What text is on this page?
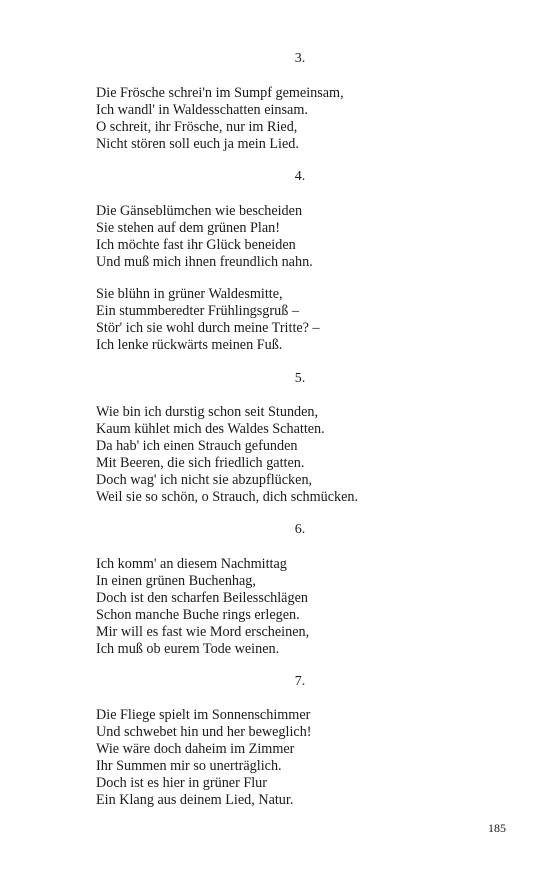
3.
Die Frösche schrei'n im Sumpf gemeinsam,
Ich wandl' in Waldesschatten einsam.
O schreit, ihr Frösche, nur im Ried,
Nicht stören soll euch ja mein Lied.
4.
Die Gänseblümchen wie bescheiden
Sie stehen auf dem grünen Plan!
Ich möchte fast ihr Glück beneiden
Und muß mich ihnen freundlich nahn.
Sie blühn in grüner Waldesmitte,
Ein stummberedter Frühlingsgruß –
Stör' ich sie wohl durch meine Tritte? –
Ich lenke rückwärts meinen Fuß.
5.
Wie bin ich durstig schon seit Stunden,
Kaum kühlet mich des Waldes Schatten.
Da hab' ich einen Strauch gefunden
Mit Beeren, die sich friedlich gatten.
Doch wag' ich nicht sie abzupflücken,
Weil sie so schön, o Strauch, dich schmücken.
6.
Ich komm' an diesem Nachmittag
In einen grünen Buchenhag,
Doch ist den scharfen Beilesschlägen
Schon manche Buche rings erlegen.
Mir will es fast wie Mord erscheinen,
Ich muß ob eurem Tode weinen.
7.
Die Fliege spielt im Sonnenschimmer
Und schwebet hin und her beweglich!
Wie wäre doch daheim im Zimmer
Ihr Summen mir so unerträglich.
Doch ist es hier in grüner Flur
Ein Klang aus deinem Lied, Natur.
185
